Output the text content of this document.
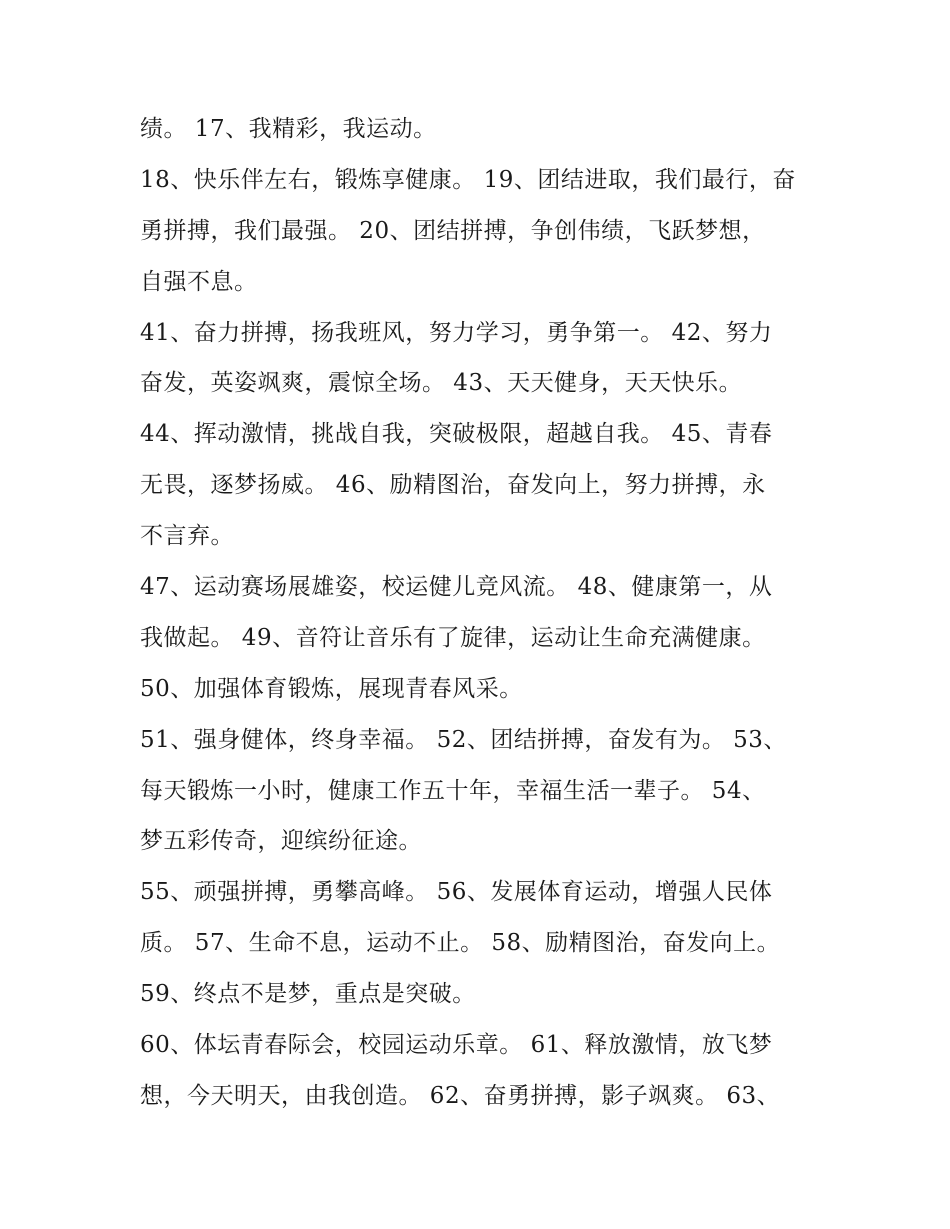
绩。 17、我精彩，我运动。
18、快乐伴左右，锻炼享健康。 19、团结进取，我们最行，奋
勇拼搏，我们最强。 20、团结拼搏，争创伟绩，飞跃梦想，
自强不息。
41、奋力拼搏，扬我班风，努力学习，勇争第一。 42、努力
奋发，英姿飒爽，震惊全场。 43、天天健身，天天快乐。
44、挥动激情，挑战自我，突破极限，超越自我。 45、青春
无畏，逐梦扬威。 46、励精图治，奋发向上，努力拼搏，永
不言弃。
47、运动赛场展雄姿，校运健儿竞风流。 48、健康第一，从
我做起。 49、音符让音乐有了旋律，运动让生命充满健康。
50、加强体育锻炼，展现青春风采。
51、强身健体，终身幸福。 52、团结拼搏，奋发有为。 53、
每天锻炼一小时，健康工作五十年，幸福生活一辈子。 54、
梦五彩传奇，迎缤纷征途。
55、顽强拼搏，勇攀高峰。 56、发展体育运动，增强人民体
质。 57、生命不息，运动不止。 58、励精图治，奋发向上。
59、终点不是梦，重点是突破。
60、体坛青春际会，校园运动乐章。 61、释放激情，放飞梦
想，今天明天，由我创造。 62、奋勇拼搏，影子飒爽。 63、
